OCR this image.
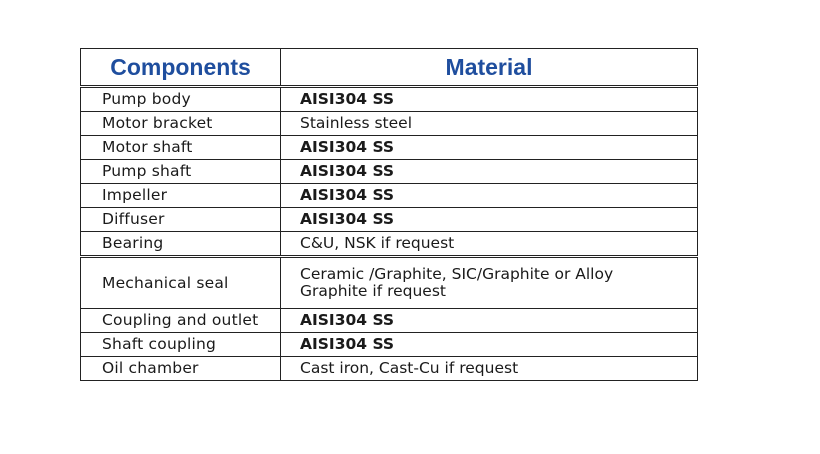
Components	Material
Pump body	AISI304 SS
Motor bracket	Stainless steel
Motor shaft	AISI304 SS
Pump shaft	AISI304 SS
Impeller	AISI304 SS
Diffuser	AISI304 SS
Bearing	C&U, NSK if request
Mechanical seal	Ceramic /Graphite, SIC/Graphite or Alloy
Graphite if request

Coupling and outlet	AISI304 SS
Shaft coupling	AISI304 SS
Oil chamber	Cast iron, Cast-Cu if request
